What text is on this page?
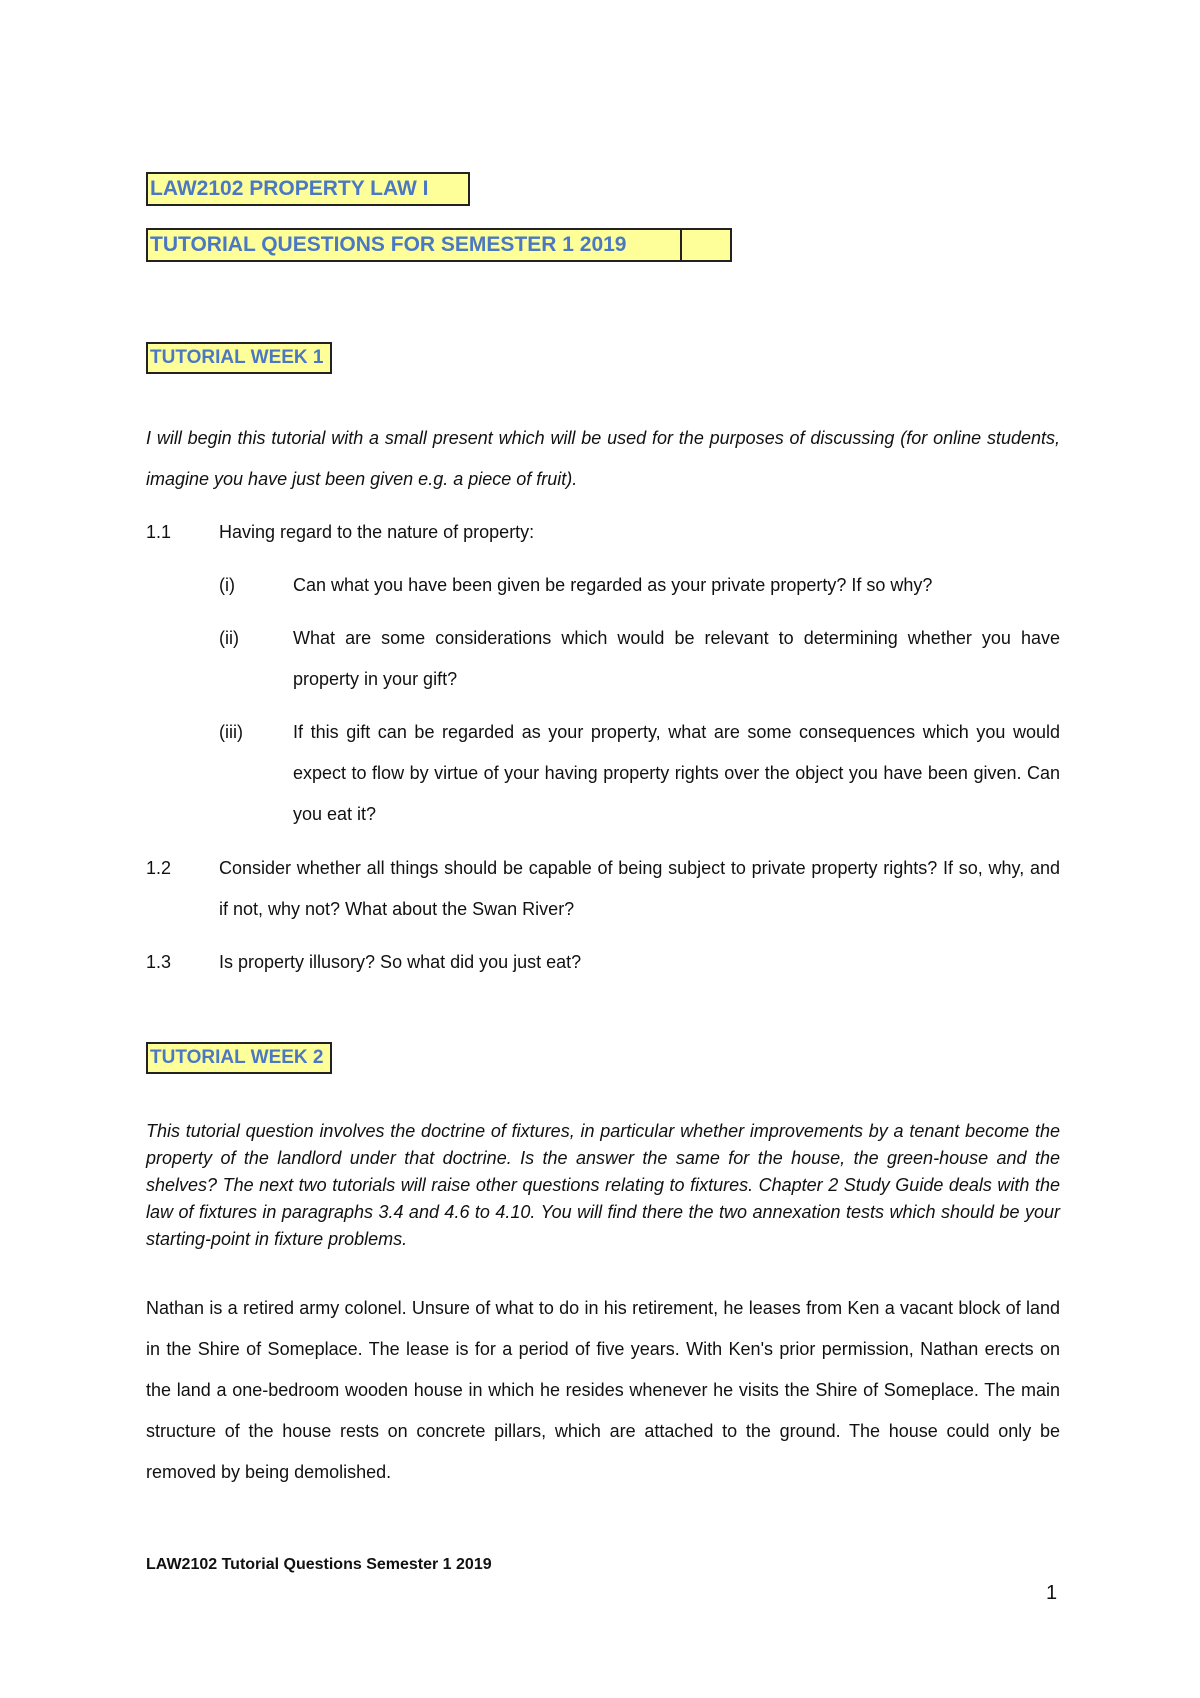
LAW2102 PROPERTY LAW I
TUTORIAL QUESTIONS FOR SEMESTER 1 2019
TUTORIAL WEEK 1
I will begin this tutorial with a small present which will be used for the purposes of discussing (for online students, imagine you have just been given e.g. a piece of fruit).
1.1	Having regard to the nature of property:
(i)	Can what you have been given be regarded as your private property? If so why?
(ii)	What are some considerations which would be relevant to determining whether you have property in your gift?
(iii)	If this gift can be regarded as your property, what are some consequences which you would expect to flow by virtue of your having property rights over the object you have been given. Can you eat it?
1.2	Consider whether all things should be capable of being subject to private property rights? If so, why, and if not, why not? What about the Swan River?
1.3	Is property illusory? So what did you just eat?
TUTORIAL WEEK 2
This tutorial question involves the doctrine of fixtures, in particular whether improvements by a tenant become the property of the landlord under that doctrine. Is the answer the same for the house, the green-house and the shelves? The next two tutorials will raise other questions relating to fixtures. Chapter 2 Study Guide deals with the law of fixtures in paragraphs 3.4 and 4.6 to 4.10. You will find there the two annexation tests which should be your starting-point in fixture problems.
Nathan is a retired army colonel. Unsure of what to do in his retirement, he leases from Ken a vacant block of land in the Shire of Someplace. The lease is for a period of five years. With Ken's prior permission, Nathan erects on the land a one-bedroom wooden house in which he resides whenever he visits the Shire of Someplace. The main structure of the house rests on concrete pillars, which are attached to the ground. The house could only be removed by being demolished.
LAW2102 Tutorial Questions Semester 1 2019
1
